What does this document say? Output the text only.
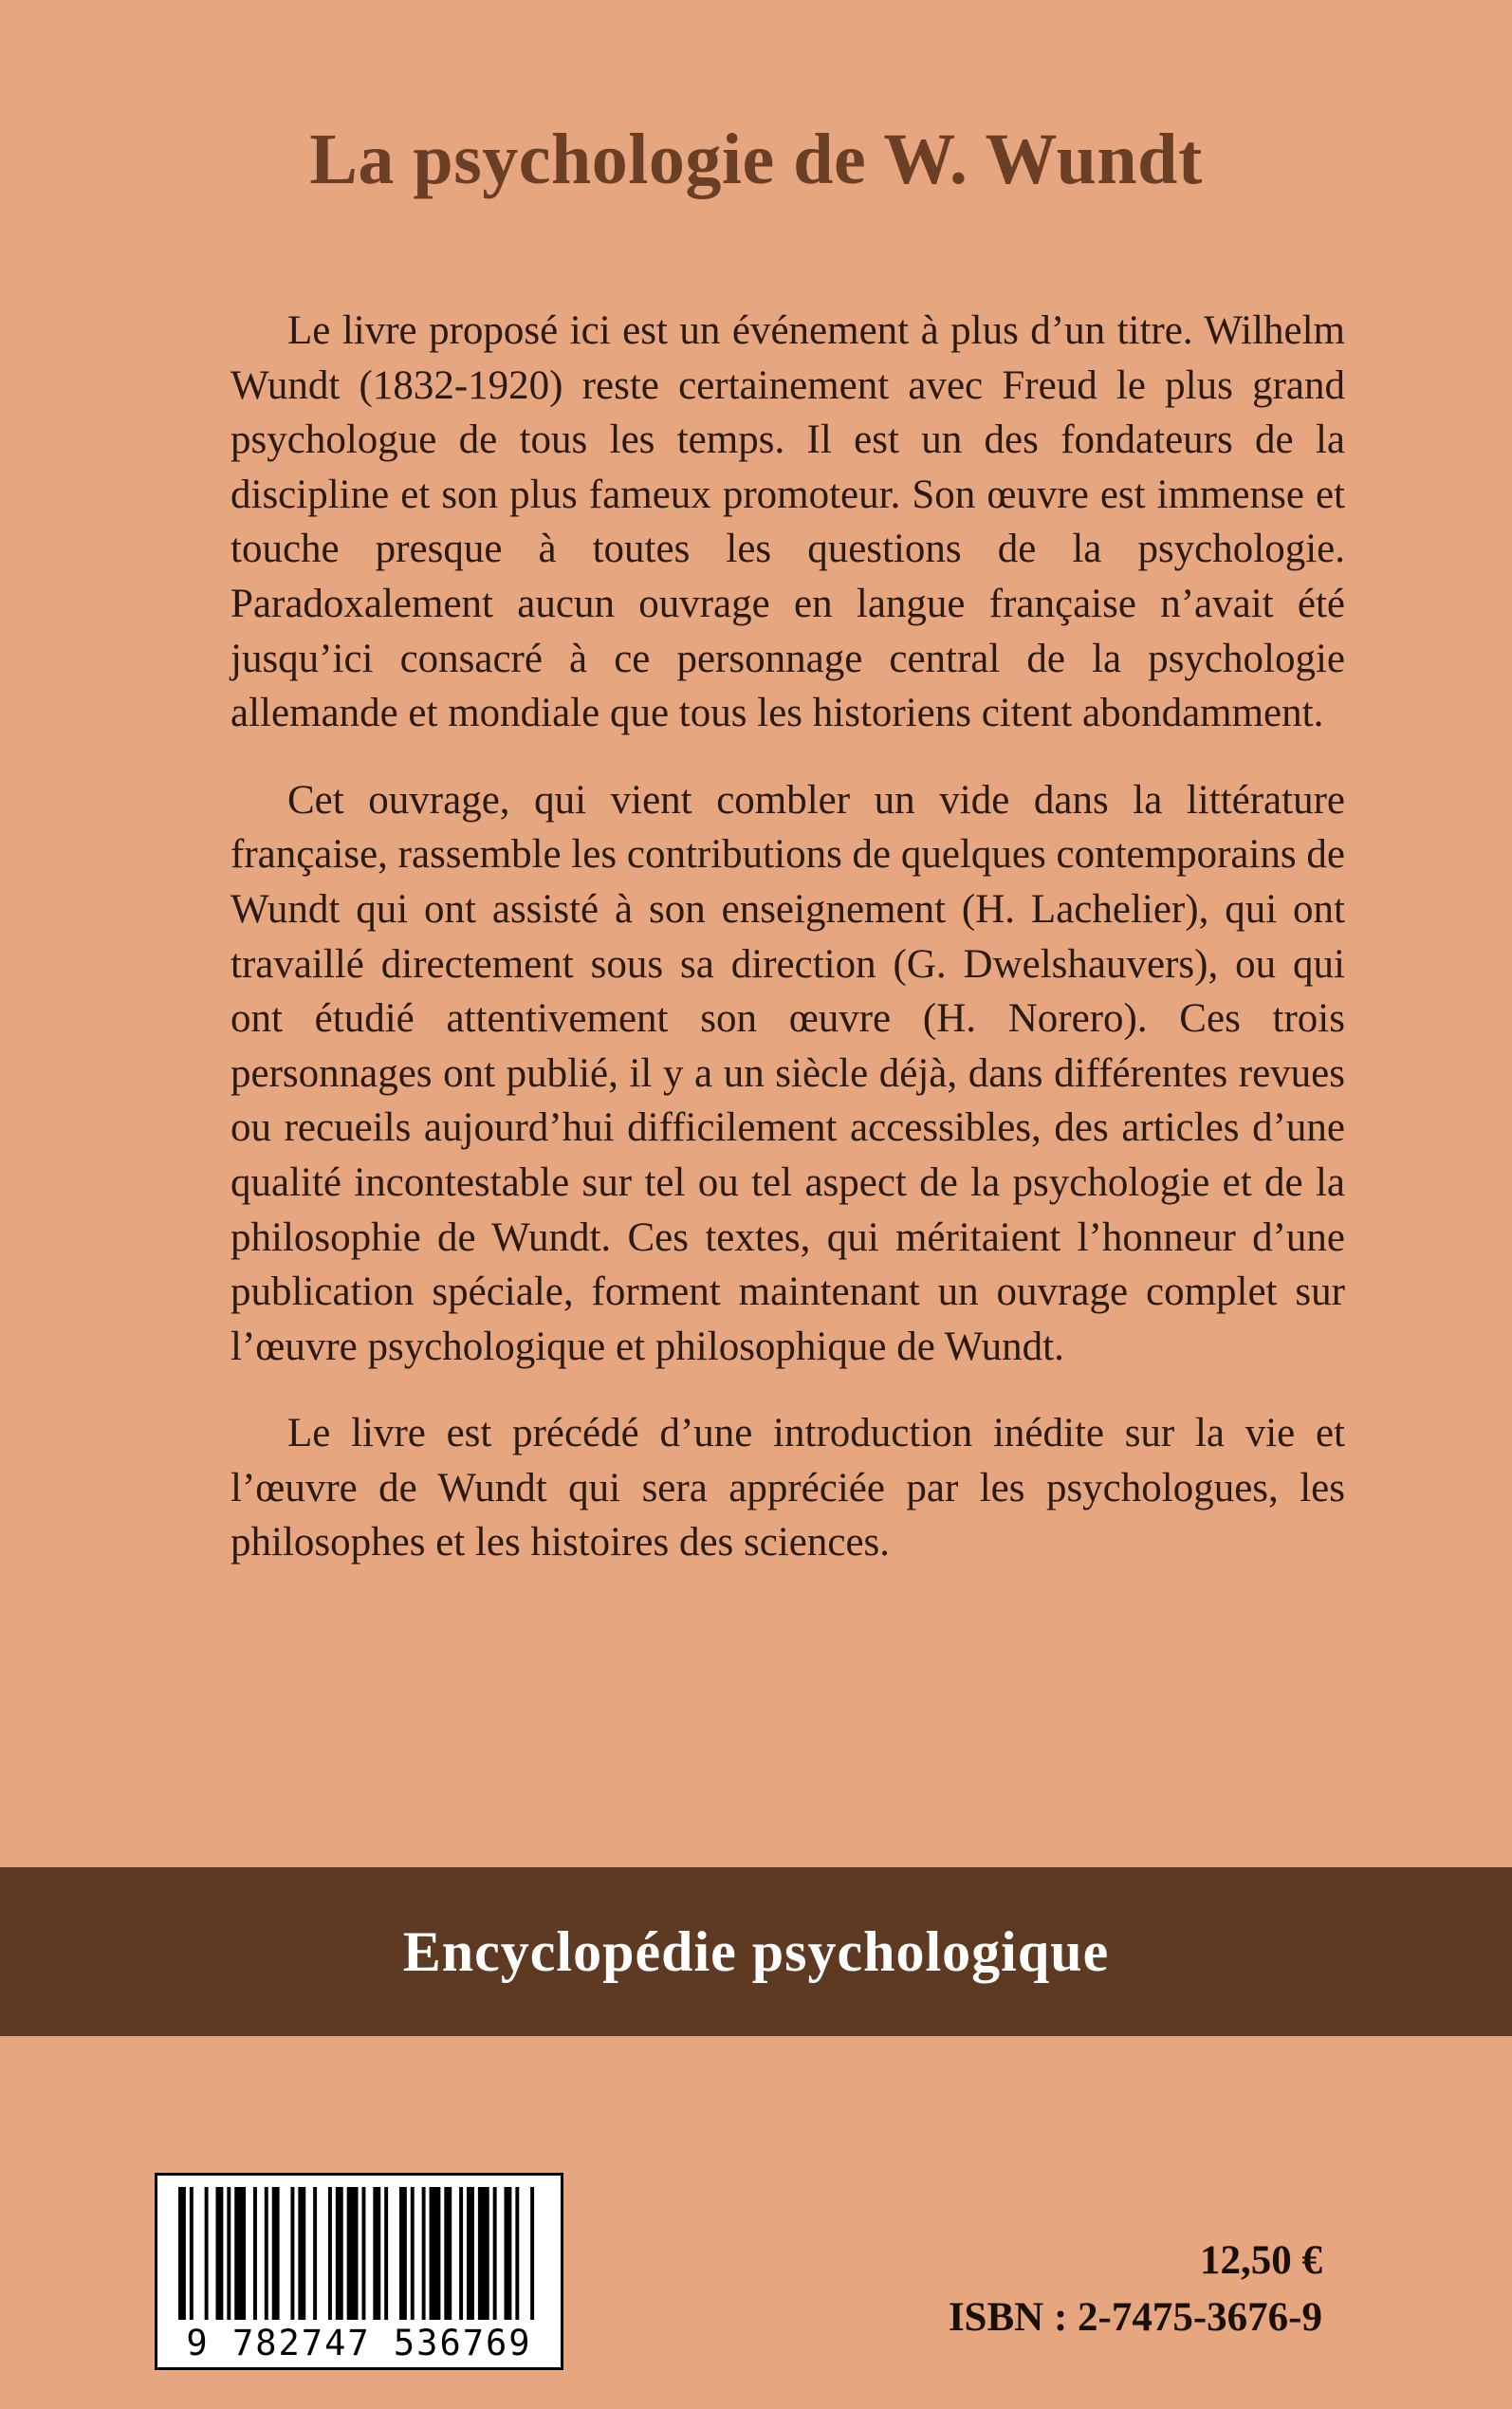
La psychologie de W. Wundt

Le livre proposé ici est un événement à plus d’un titre. Wilhelm Wundt (1832-1920) reste certainement avec Freud le plus grand psychologue de tous les temps. Il est un des fondateurs de la discipline et son plus fameux promoteur. Son œuvre est immense et touche presque à toutes les questions de la psychologie. Paradoxalement aucun ouvrage en langue française n’avait été jusqu’ici consacré à ce personnage central de la psychologie allemande et mondiale que tous les historiens citent abondamment.

Cet ouvrage, qui vient combler un vide dans la littérature française, rassemble les contributions de quelques contemporains de Wundt qui ont assisté à son enseignement (H. Lachelier), qui ont travaillé directement sous sa direction (G. Dwelshauvers), ou qui ont étudié attentivement son œuvre (H. Norero). Ces trois personnages ont publié, il y a un siècle déjà, dans différentes revues ou recueils aujourd’hui difficilement accessibles, des articles d’une qualité incontestable sur tel ou tel aspect de la psychologie et de la philosophie de Wundt. Ces textes, qui méritaient l’honneur d’une publication spéciale, forment maintenant un ouvrage complet sur l’œuvre psychologique et philosophique de Wundt.

Le livre est précédé d’une introduction inédite sur la vie et l’œuvre de Wundt qui sera appréciée par les psychologues, les philosophes et les histoires des sciences.

Encyclopédie psychologique
9 782747 536769
12,50 €
ISBN : 2-7475-3676-9
